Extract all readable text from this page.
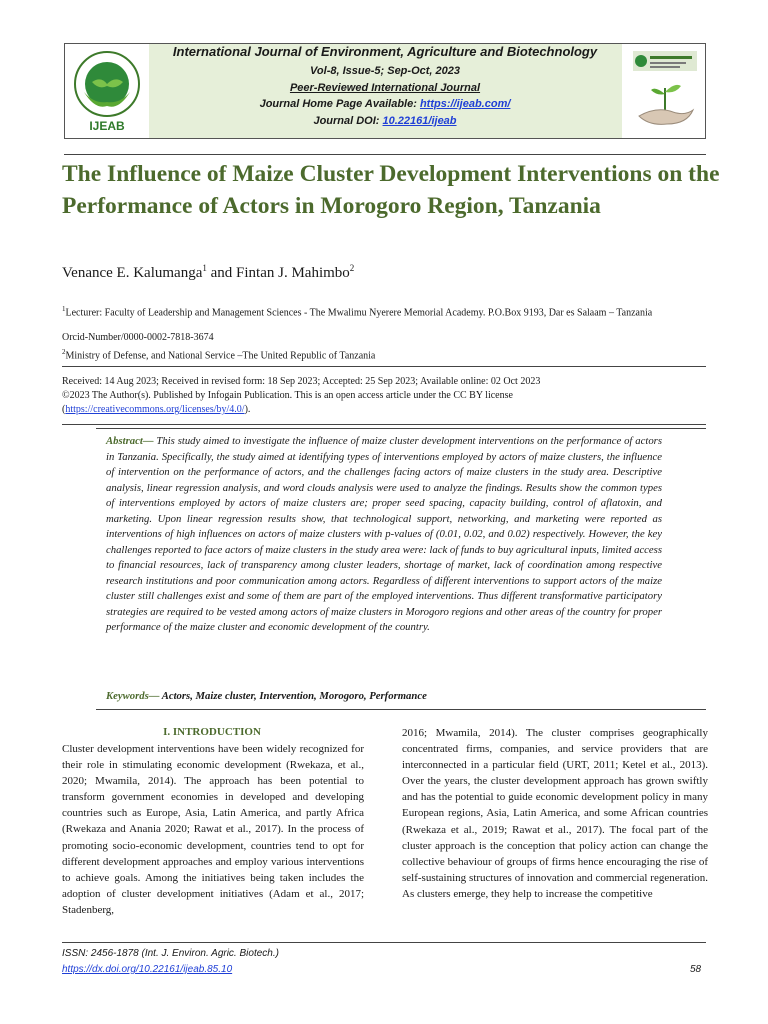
IJEAB
International Journal of Environment, Agriculture and Biotechnology
Vol-8, Issue-5; Sep-Oct, 2023
Peer-Reviewed International Journal
Journal Home Page Available: https://ijeab.com/
Journal DOI: 10.22161/ijeab
The Influence of Maize Cluster Development Interventions on the Performance of Actors in Morogoro Region, Tanzania
Venance E. Kalumanga$^1$ and Fintan J. Mahimbo$^2$
$^1$Lecturer: Faculty of Leadership and Management Sciences - The Mwalimu Nyerere Memorial Academy. P.O.Box 9193, Dar es Salaam – Tanzania
Orcid-Number/0000-0002-7818-3674
$^2$Ministry of Defense, and National Service –The United Republic of Tanzania
Received: 14 Aug 2023; Received in revised form: 18 Sep 2023; Accepted: 25 Sep 2023; Available online: 02 Oct 2023
©2023 The Author(s). Published by Infogain Publication. This is an open access article under the CC BY license
(https://creativecommons.org/licenses/by/4.0/).
Abstract— This study aimed to investigate the influence of maize cluster development interventions on the performance of actors in Tanzania. Specifically, the study aimed at identifying types of interventions employed by actors of maize clusters, the influence of intervention on the performance of actors, and the challenges facing actors of maize clusters in the study area. Descriptive analysis, linear regression analysis, and word clouds analysis were used to analyze the findings. Results show the common types of interventions employed by actors of maize clusters are; proper seed spacing, capacity building, control of aflatoxin, and marketing. Upon linear regression results show, that technological support, networking, and marketing were reported as interventions of high influences on actors of maize clusters with p-values of (0.01, 0.02, and 0.02) respectively. However, the key challenges reported to face actors of maize clusters in the study area were: lack of funds to buy agricultural inputs, limited access to financial resources, lack of transparency among cluster leaders, shortage of market, lack of coordination among respective research institutions and poor communication among actors. Regardless of different interventions to support actors of the maize cluster still challenges exist and some of them are part of the employed interventions. Thus different transformative participatory strategies are required to be vested among actors of maize clusters in Morogoro regions and other areas of the country for proper performance of the maize cluster and economic development of the country.
Keywords— Actors, Maize cluster, Intervention, Morogoro, Performance
I. INTRODUCTION
Cluster development interventions have been widely recognized for their role in stimulating economic development (Rwekaza, et al., 2020; Mwamila, 2014). The approach has been potential to transform government economies in developed and developing countries such as Europe, Asia, Latin America, and partly Africa (Rwekaza and Anania 2020; Rawat et al., 2017). In the process of promoting socio-economic development, countries tend to opt for different development approaches and employ various interventions to achieve goals. Among the initiatives being taken includes the adoption of cluster development initiatives (Adam et al., 2017; Stadenberg,
2016; Mwamila, 2014). The cluster comprises geographically concentrated firms, companies, and service providers that are interconnected in a particular field (URT, 2011; Ketel et al., 2013). Over the years, the cluster development approach has grown swiftly and has the potential to guide economic development policy in many European regions, Asia, Latin America, and some African countries (Rwekaza et al., 2019; Rawat et al., 2017). The focal part of the cluster approach is the conception that policy action can change the collective behaviour of groups of firms hence encouraging the rise of self-sustaining structures of innovation and commercial regeneration. As clusters emerge, they help to increase the competitive
ISSN: 2456-1878 (Int. J. Environ. Agric. Biotech.)
https://dx.doi.org/10.22161/ijeab.85.10	58
